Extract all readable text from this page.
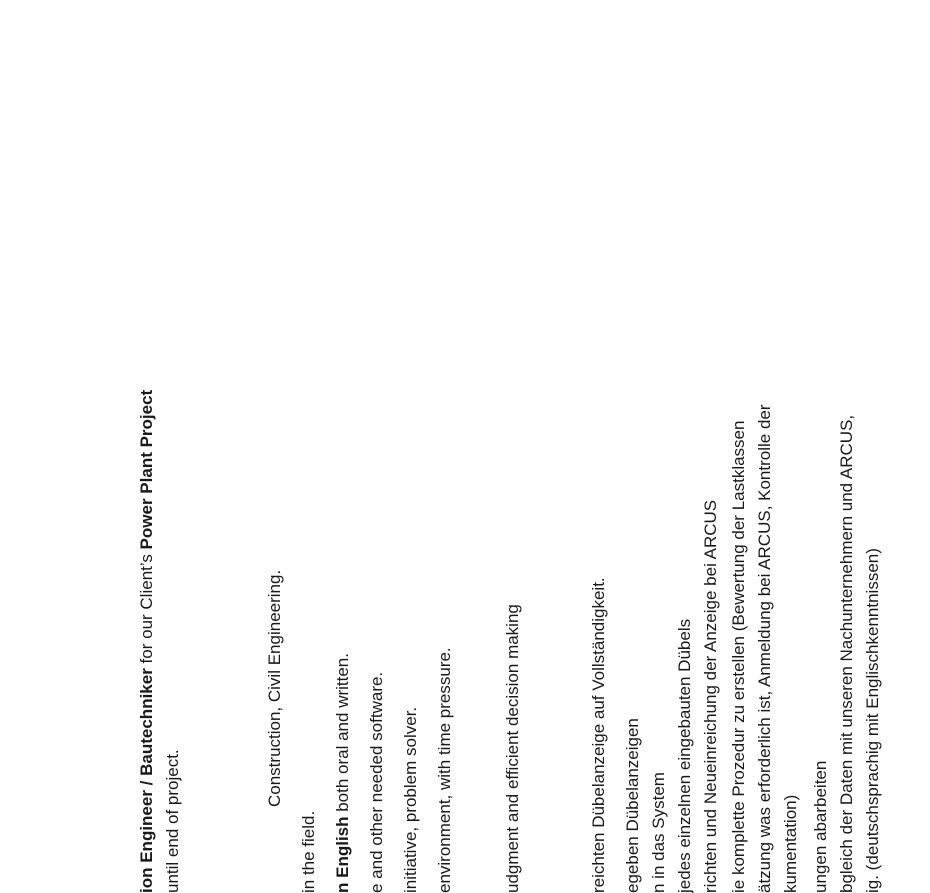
ion Engineer / Bautechniker for our Client’s Power Plant Project
until end of project.
Construction, Civil Engineering.
in the field. n English both oral and written. e and other needed software. initiative, problem solver. environment, with time pressure.	udgment and efficient decision making	reichten Dübelanzeige auf Vollständigkeit. egeben Dübelanzeigen n in das System jedes einzelnen eingebauten Dübels richten und Neueinreichung der Anzeige bei ARCUS ie komplette Prozedur zu erstellen (Bewertung der Lastklassen ätzung was erforderlich ist, Anmeldung bei ARCUS, Kontrolle der kumentation) ungen abarbeiten bgleich der Daten mit unseren Nachunternehmern und ARCUS, ig. (deutschsprachig mit Englischkenntnissen)
